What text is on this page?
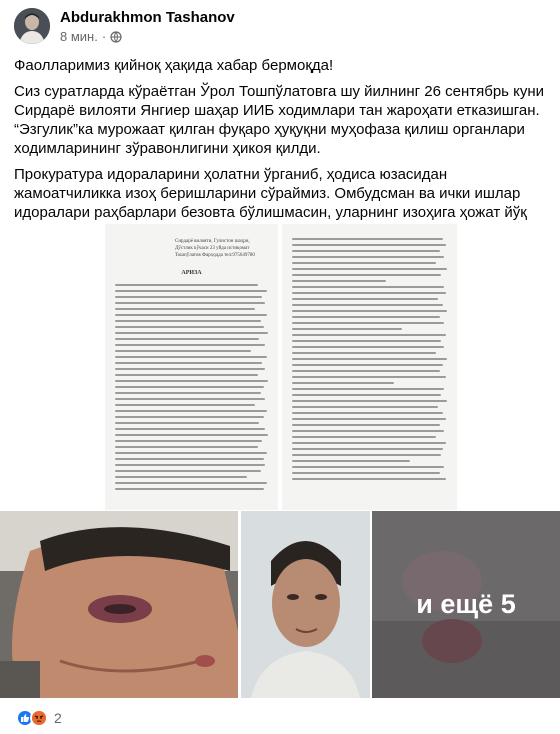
Abdurakhmon Tashanov
8 мин. ·
Фаолларимиз қийноқ ҳақида хабар бермоқда!
Сиз суратларда кўраётган Ўрол Тошпўлатовга шу йилнинг 26 сентябрь куни Сирдарё вилояти Янгиер шаҳар ИИБ ходимлари тан жароҳати етказишган. “Эзгулик”ка мурожаат қилган фуқаро ҳуқуқни муҳофаза қилиш органлари ходимларининг зўравонлигини ҳикоя қилди.
Прокуратура идораларини ҳолатни ўрганиб, ҳодиса юзасидан жамоатчиликка изоҳ беришларини сўраймиз. Омбудсман ва ички ишлар идоралари раҳбарлари безовта бўлишмасин, уларнинг изоҳига ҳожат йўқ
Сирдарё вилояти, Гулистон шаҳри,
Дўстлик кўчаси 23 уйда истиқомат
Тошпўлатов Фарҳодда тел:975649780
АРИЗА
и ещё 5
2
